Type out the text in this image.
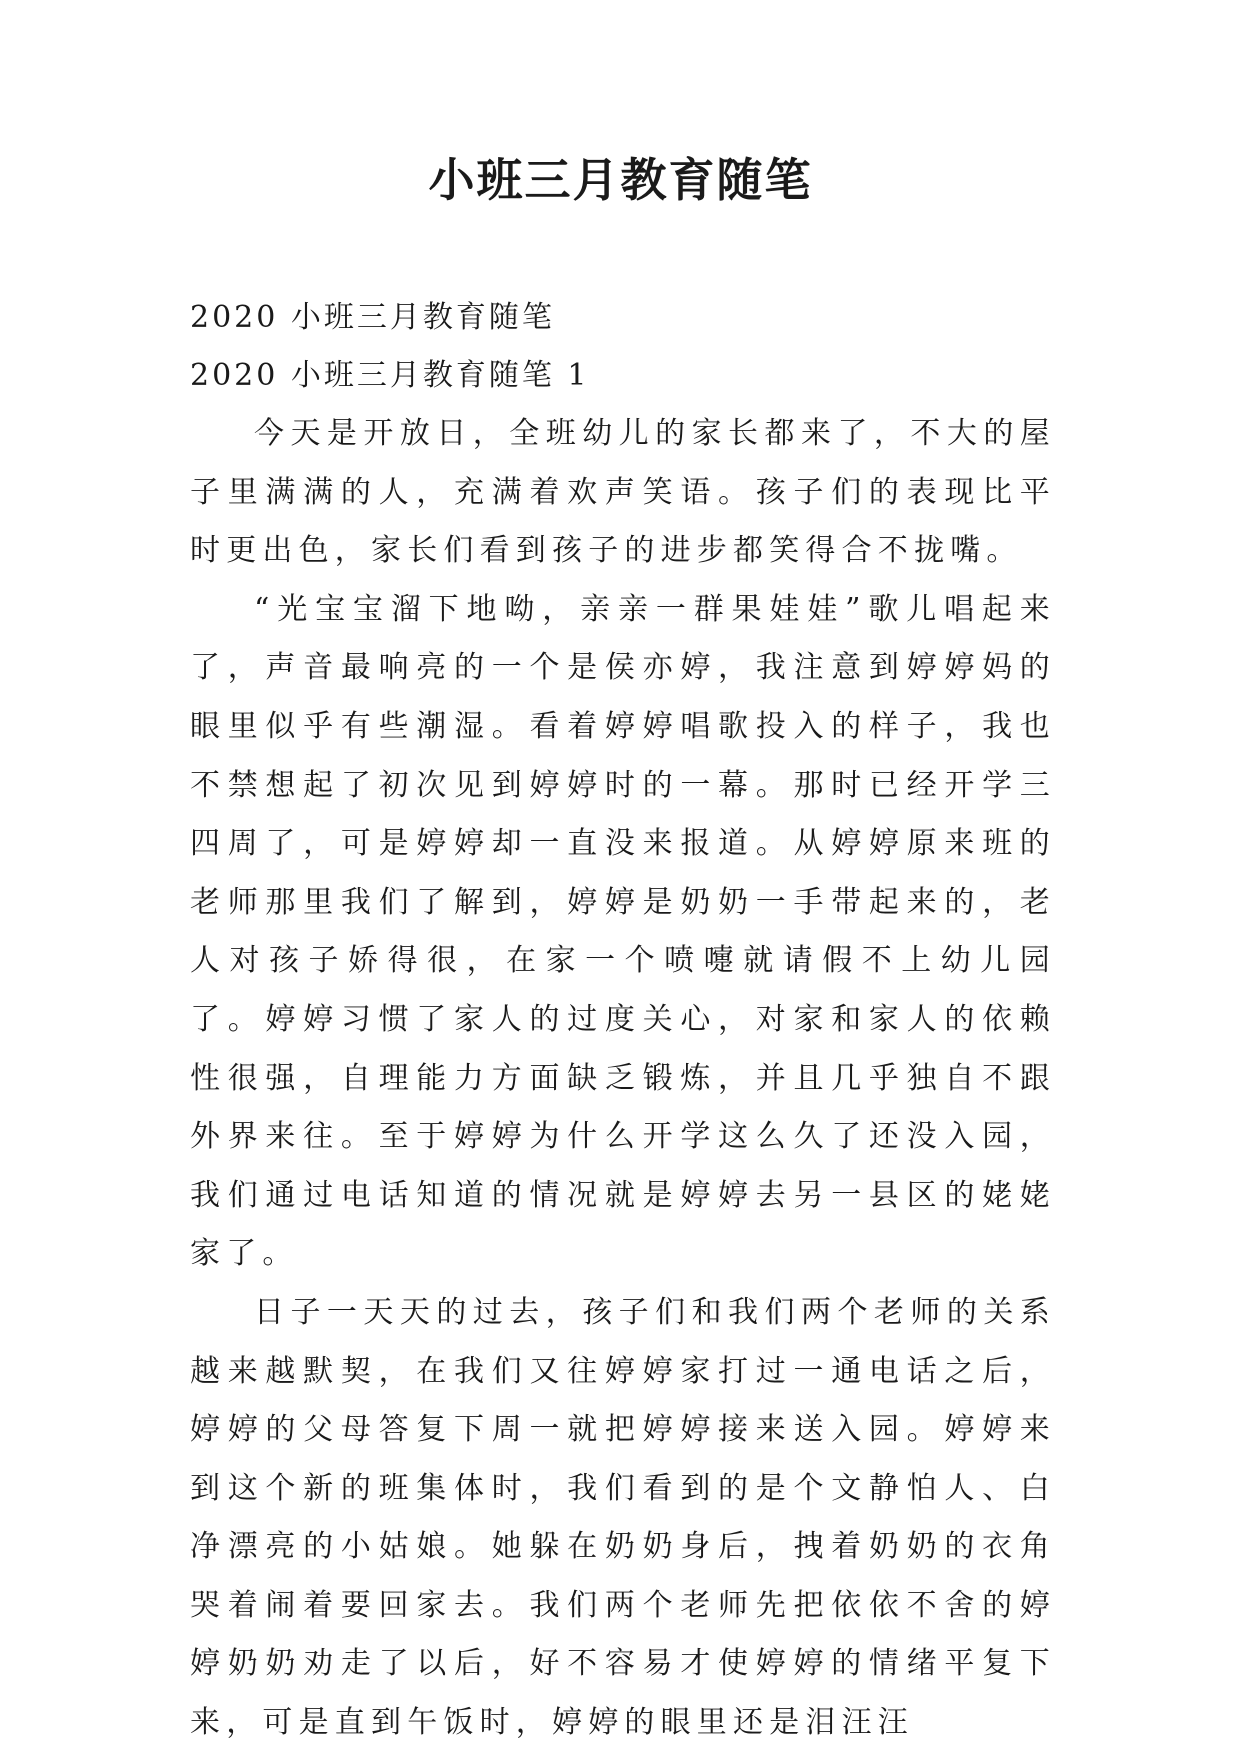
小班三月教育随笔

2020 小班三月教育随笔

2020 小班三月教育随笔 1

今天是开放日，全班幼儿的家长都来了，不大的屋子里满满的人，充满着欢声笑语。孩子们的表现比平时更出色，家长们看到孩子的进步都笑得合不拢嘴。

“光宝宝溜下地呦，亲亲一群果娃娃”歌儿唱起来了，声音最响亮的一个是侯亦婷，我注意到婷婷妈的眼里似乎有些潮湿。看着婷婷唱歌投入的样子，我也不禁想起了初次见到婷婷时的一幕。那时已经开学三四周了，可是婷婷却一直没来报道。从婷婷原来班的老师那里我们了解到，婷婷是奶奶一手带起来的，老人对孩子娇得很，在家一个喷嚏就请假不上幼儿园了。婷婷习惯了家人的过度关心，对家和家人的依赖性很强，自理能力方面缺乏锻炼，并且几乎独自不跟外界来往。至于婷婷为什么开学这么久了还没入园，我们通过电话知道的情况就是婷婷去另一县区的姥姥家了。

日子一天天的过去，孩子们和我们两个老师的关系越来越默契，在我们又往婷婷家打过一通电话之后，婷婷的父母答复下周一就把婷婷接来送入园。婷婷来到这个新的班集体时，我们看到的是个文静怕人、白净漂亮的小姑娘。她躲在奶奶身后，拽着奶奶的衣角哭着闹着要回家去。我们两个老师先把依依不舍的婷婷奶奶劝走了以后，好不容易才使婷婷的情绪平复下来，可是直到午饭时，婷婷的眼里还是泪汪汪
